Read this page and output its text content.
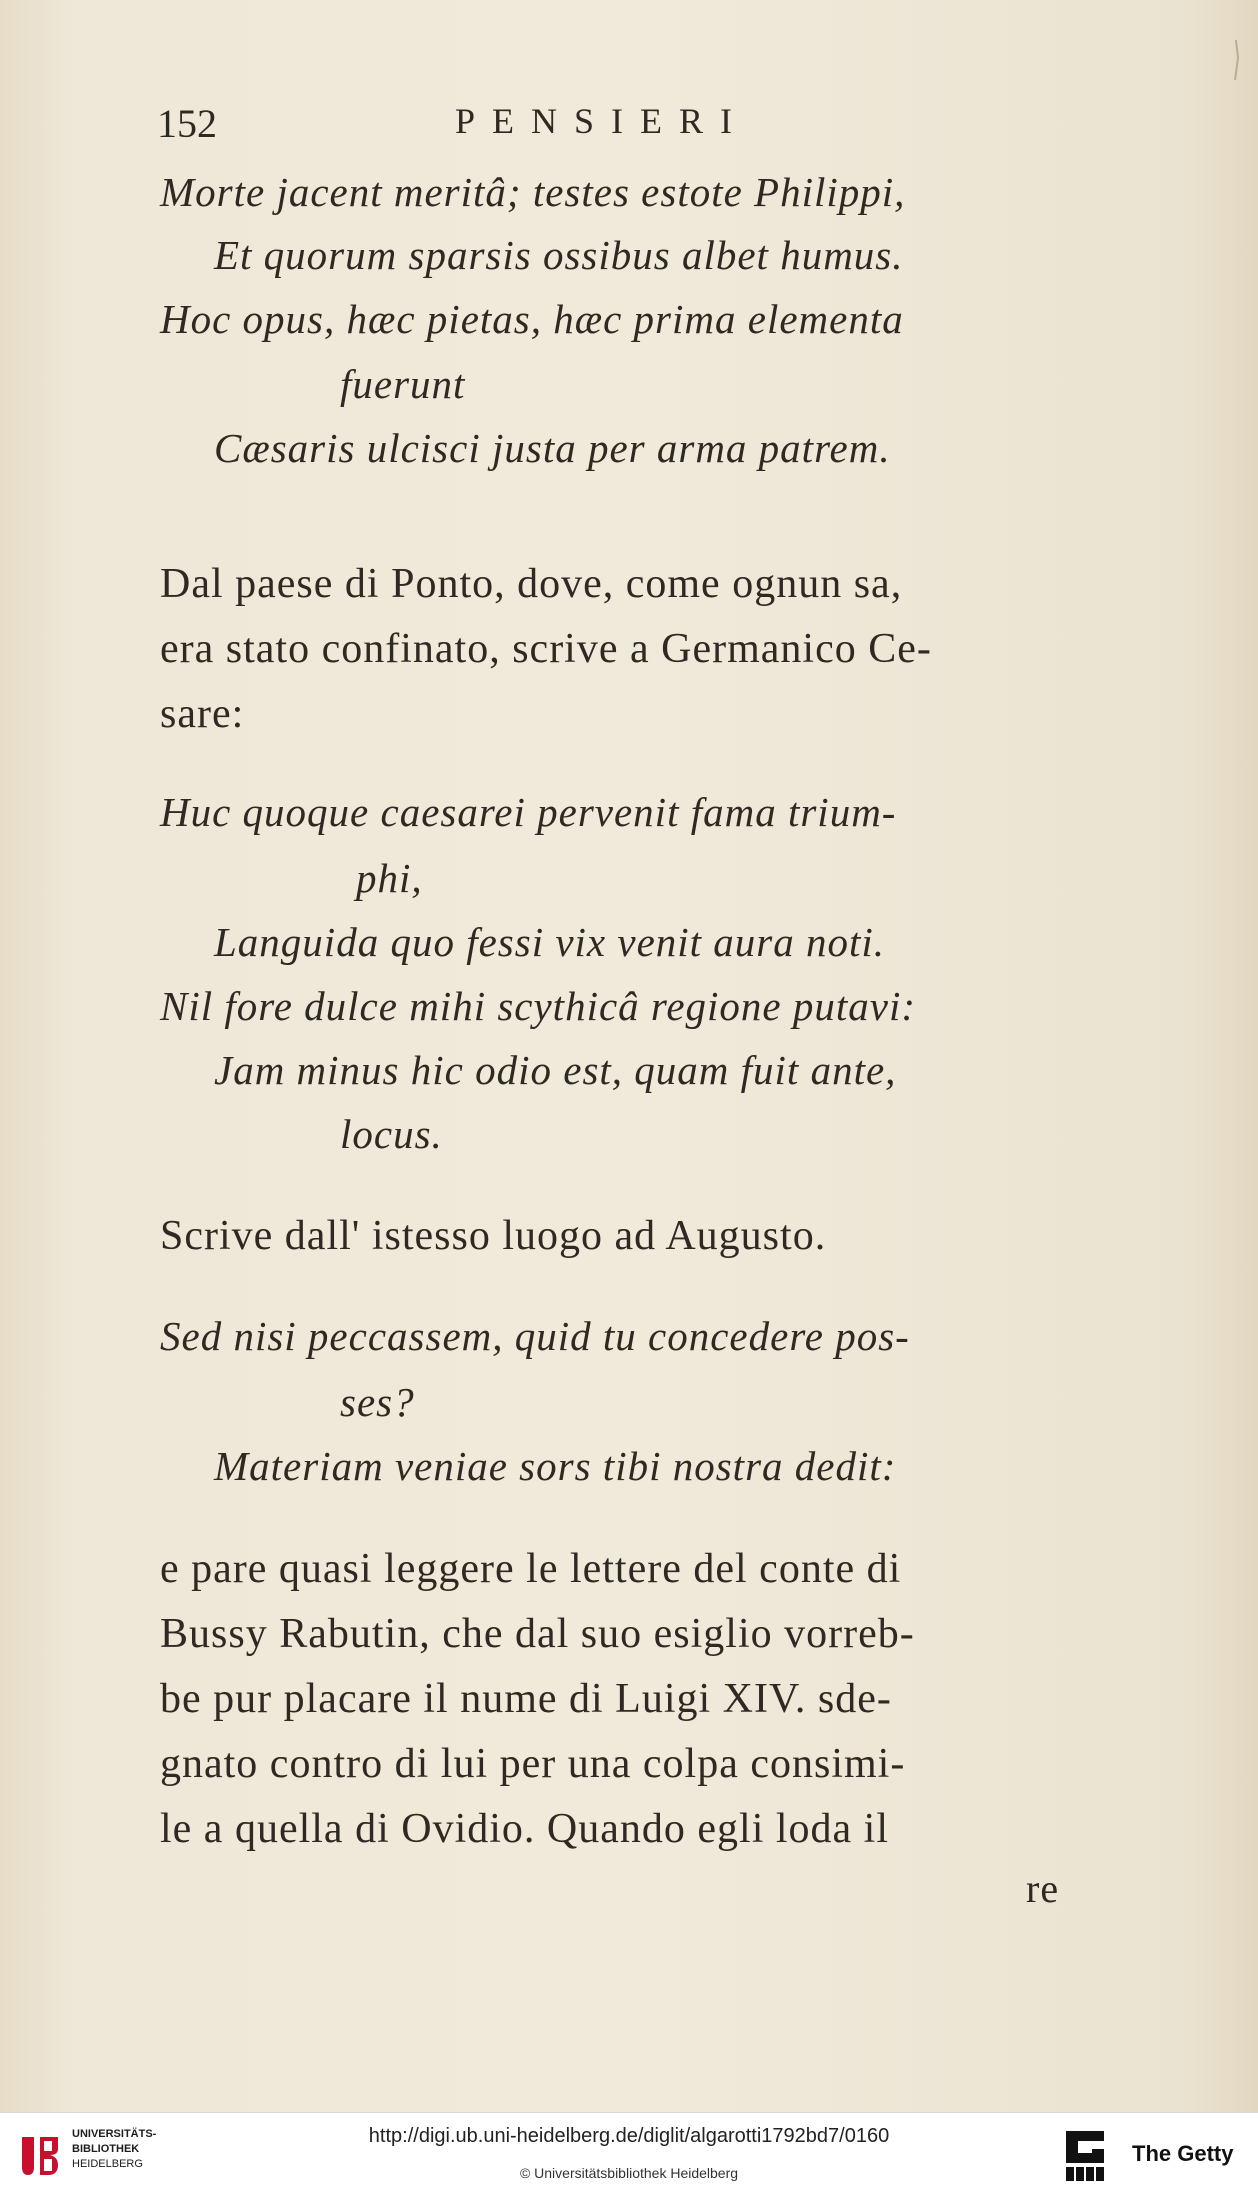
152	PENSIERI
Morte jacent meritâ; testes estote Philippi,
Et quorum sparsis ossibus albet humus.
Hoc opus, hæc pietas, hæc prima elementa
fuerunt
Cæsaris ulcisci justa per arma patrem.
Dal paese di Ponto, dove, come ognun sa,
era stato confinato, scrive a Germanico Ce-
sare:
Huc quoque caesarei pervenit fama trium-
phi,
Languida quo fessi vix venit aura noti.
Nil fore dulce mihi scythicâ regione putavi:
Jam minus hic odio est, quam fuit ante,
locus.
Scrive dall' istesso luogo ad Augusto.
Sed nisi peccassem, quid tu concedere pos-
ses?
Materiam veniae sors tibi nostra dedit:
e pare quasi leggere le lettere del conte di
Bussy Rabutin, che dal suo esiglio vorreb-
be pur placare il nume di Luigi XIV. sde-
gnato contro di lui per una colpa consimi-
le a quella di Ovidio. Quando egli loda il
re
UNIVERSITÄTS-
BIBLIOTHEK
HEIDELBERG
http://digi.ub.uni-heidelberg.de/diglit/algarotti1792bd7/0160
© Universitätsbibliothek Heidelberg
The Getty
